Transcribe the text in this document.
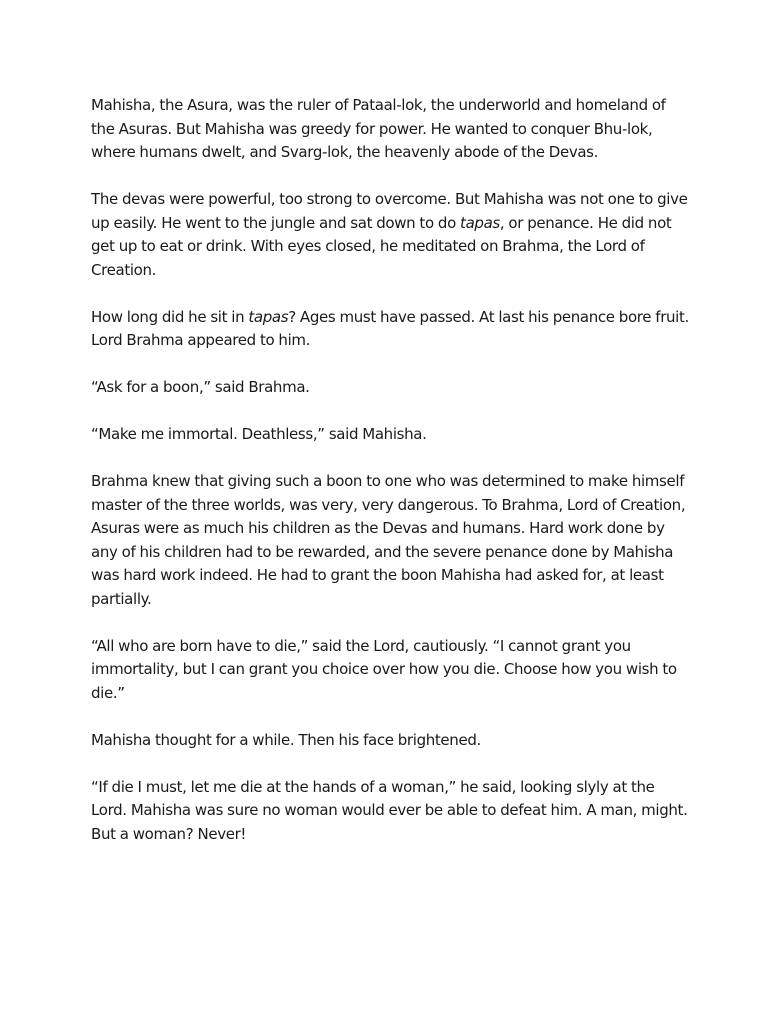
Mahisha, the Asura, was the ruler of Pataal-lok, the underworld and homeland of the Asuras. But Mahisha was greedy for power. He wanted to conquer Bhu-lok, where humans dwelt, and Svarg-lok, the heavenly abode of the Devas.

The devas were powerful, too strong to overcome. But Mahisha was not one to give up easily. He went to the jungle and sat down to do tapas, or penance. He did not get up to eat or drink. With eyes closed, he meditated on Brahma, the Lord of Creation.

How long did he sit in tapas? Ages must have passed. At last his penance bore fruit. Lord Brahma appeared to him.

“Ask for a boon,” said Brahma.

“Make me immortal. Deathless,” said Mahisha.

Brahma knew that giving such a boon to one who was determined to make himself master of the three worlds, was very, very dangerous. To Brahma, Lord of Creation, Asuras were as much his children as the Devas and humans. Hard work done by any of his children had to be rewarded, and the severe penance done by Mahisha was hard work indeed. He had to grant the boon Mahisha had asked for, at least partially.

“All who are born have to die,” said the Lord, cautiously. “I cannot grant you immortality, but I can grant you choice over how you die. Choose how you wish to die.”

Mahisha thought for a while. Then his face brightened.

“If die I must, let me die at the hands of a woman,” he said, looking slyly at the Lord. Mahisha was sure no woman would ever be able to defeat him. A man, might. But a woman? Never!
